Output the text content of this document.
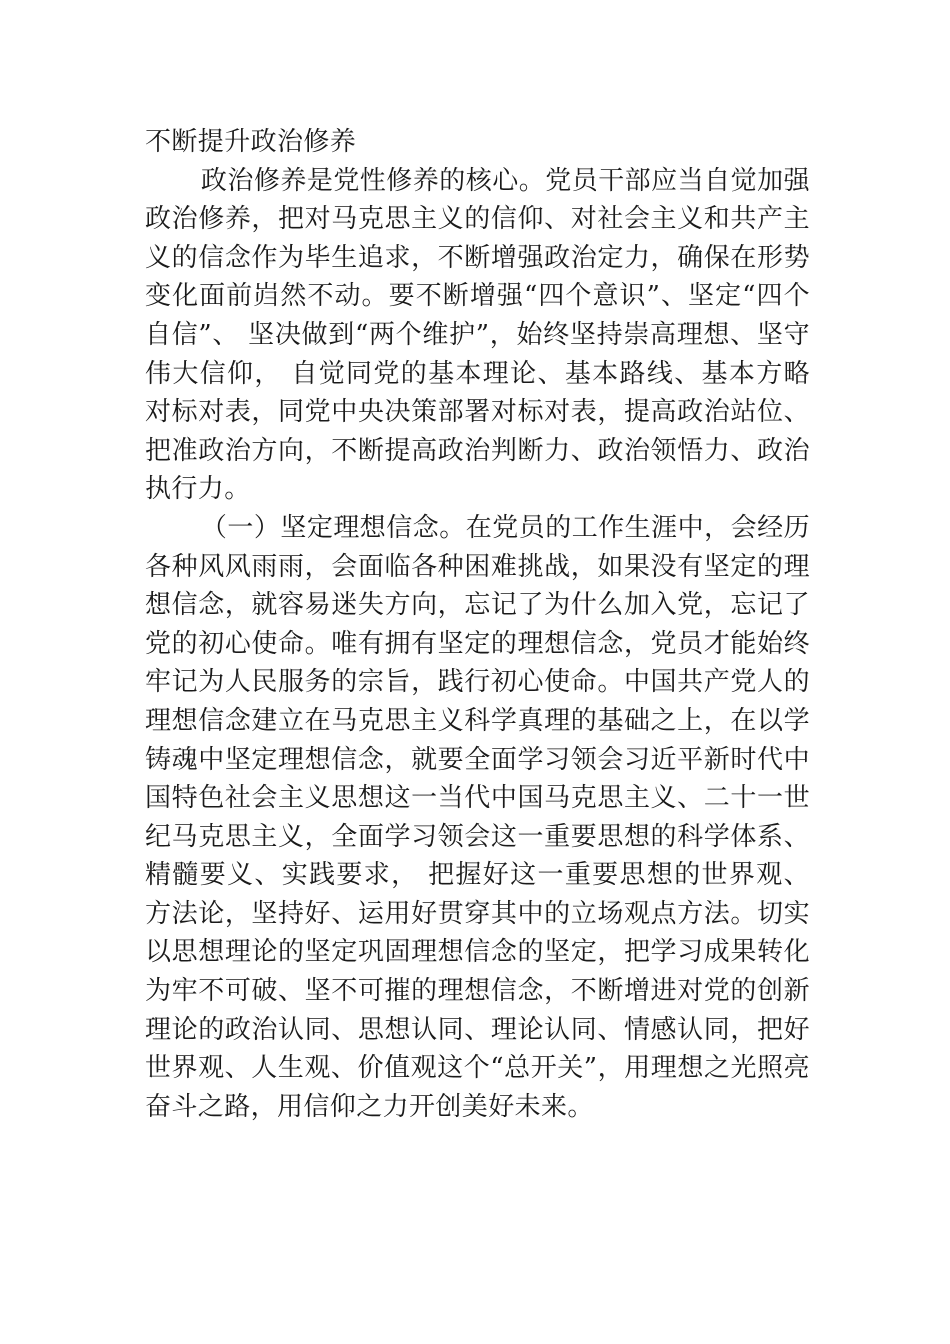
不断提升政治修养

政治修养是党性修养的核心。党员干部应当自觉加强政治修养，把对马克思主义的信仰、对社会主义和共产主义的信念作为毕生追求，不断增强政治定力，确保在形势变化面前岿然不动。要不断增强“四个意识”、坚定“四个自信”、 坚决做到“两个维护”，始终坚持崇高理想、坚守伟大信仰， 自觉同党的基本理论、基本路线、基本方略对标对表，同党中央决策部署对标对表，提高政治站位、把准政治方向，不断提高政治判断力、政治领悟力、政治执行力。

（一）坚定理想信念。在党员的工作生涯中，会经历各种风风雨雨，会面临各种困难挑战，如果没有坚定的理想信念，就容易迷失方向，忘记了为什么加入党，忘记了党的初心使命。唯有拥有坚定的理想信念，党员才能始终牢记为人民服务的宗旨，践行初心使命。中国共产党人的理想信念建立在马克思主义科学真理的基础之上，在以学铸魂中坚定理想信念，就要全面学习领会习近平新时代中国特色社会主义思想这一当代中国马克思主义、二十一世纪马克思主义，全面学习领会这一重要思想的科学体系、精髓要义、实践要求， 把握好这一重要思想的世界观、方法论，坚持好、运用好贯穿其中的立场观点方法。切实以思想理论的坚定巩固理想信念的坚定，把学习成果转化为牢不可破、坚不可摧的理想信念，不断增进对党的创新理论的政治认同、思想认同、理论认同、情感认同，把好世界观、人生观、价值观这个“总开关”，用理想之光照亮奋斗之路，用信仰之力开创美好未来。
